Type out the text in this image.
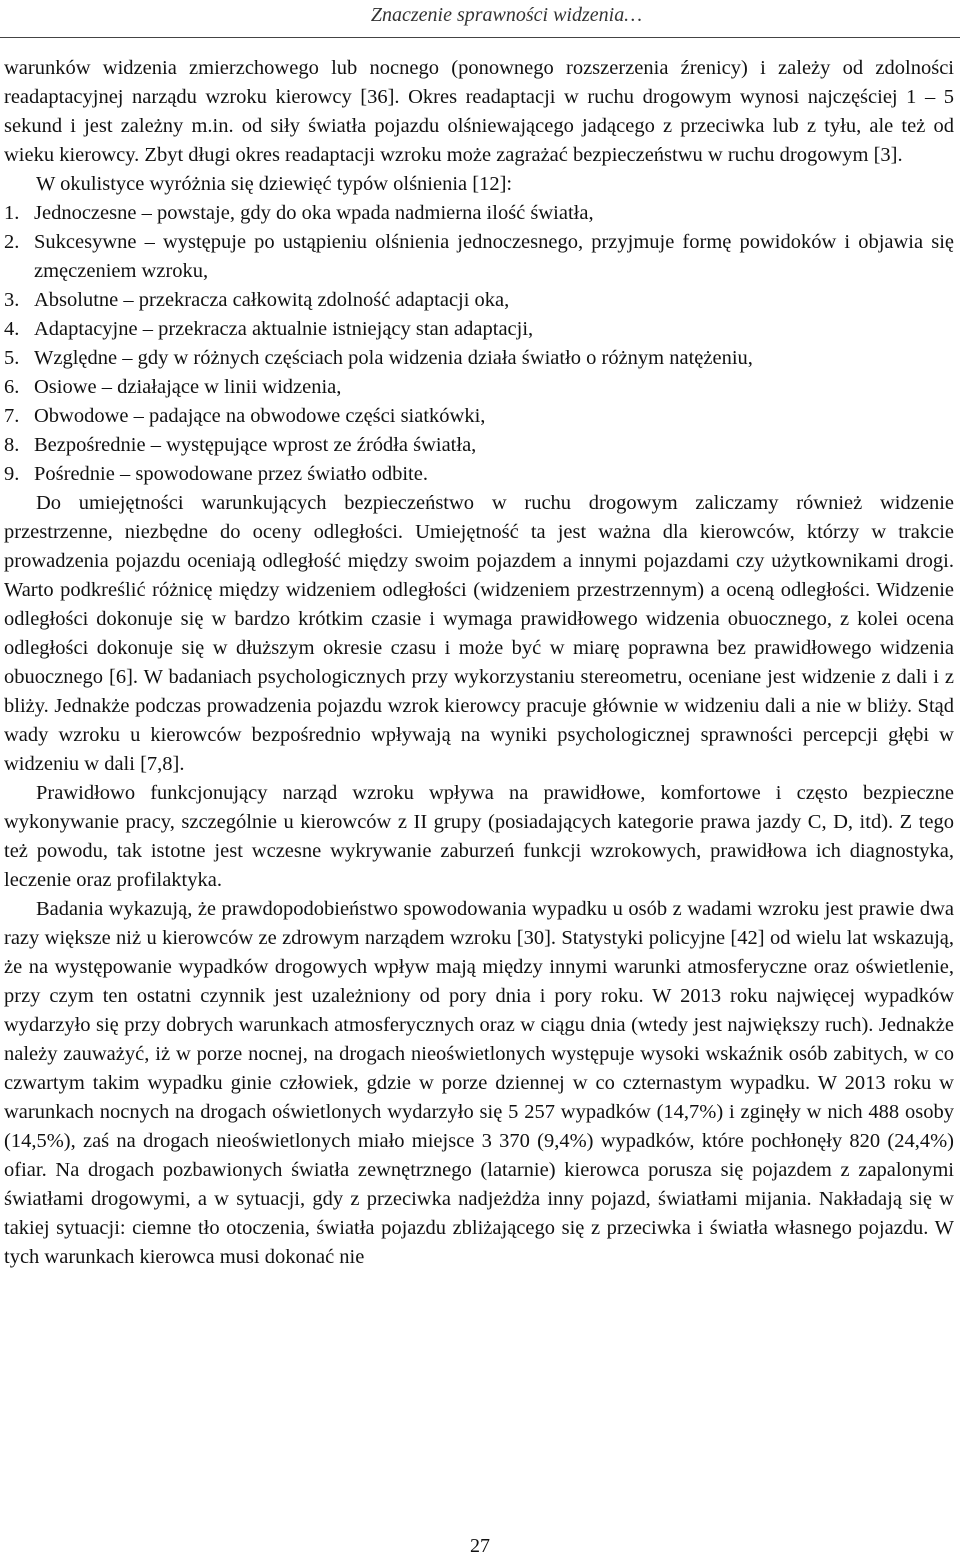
Znaczenie sprawności widzenia…

warunków widzenia zmierzchowego lub nocnego (ponownego rozszerzenia źrenicy) i zależy od zdolności readaptacyjnej narządu wzroku kierowcy [36]. Okres readaptacji w ruchu drogowym wynosi najczęściej 1 – 5 sekund i jest zależny m.in. od siły światła pojazdu olśniewającego jadącego z przeciwka lub z tyłu, ale też od wieku kierowcy. Zbyt długi okres readaptacji wzroku może zagrażać bezpieczeństwu w ruchu drogowym [3].

W okulistyce wyróżnia się dziewięć typów olśnienia [12]:

1. Jednoczesne – powstaje, gdy do oka wpada nadmierna ilość światła,
2. Sukcesywne – występuje po ustąpieniu olśnienia jednoczesnego, przyjmuje formę powidoków i objawia się zmęczeniem wzroku,
3. Absolutne – przekracza całkowitą zdolność adaptacji oka,
4. Adaptacyjne – przekracza aktualnie istniejący stan adaptacji,
5. Względne – gdy w różnych częściach pola widzenia działa światło o różnym natężeniu,
6. Osiowe – działające w linii widzenia,
7. Obwodowe – padające na obwodowe części siatkówki,
8. Bezpośrednie – występujące wprost ze źródła światła,
9. Pośrednie – spowodowane przez światło odbite.

Do umiejętności warunkujących bezpieczeństwo w ruchu drogowym zaliczamy również widzenie przestrzenne, niezbędne do oceny odległości. Umiejętność ta jest ważna dla kierowców, którzy w trakcie prowadzenia pojazdu oceniają odległość między swoim pojazdem a innymi pojazdami czy użytkownikami drogi. Warto podkreślić różnicę między widzeniem odległości (widzeniem przestrzennym) a oceną odległości. Widzenie odległości dokonuje się w bardzo krótkim czasie i wymaga prawidłowego widzenia obuocznego, z kolei ocena odległości dokonuje się w dłuższym okresie czasu i może być w miarę poprawna bez prawidłowego widzenia obuocznego [6]. W badaniach psychologicznych przy wykorzystaniu stereometru, oceniane jest widzenie z dali i z bliży. Jednakże podczas prowadzenia pojazdu wzrok kierowcy pracuje głównie w widzeniu dali a nie w bliży. Stąd wady wzroku u kierowców bezpośrednio wpływają na wyniki psychologicznej sprawności percepcji głębi w widzeniu w dali [7,8].

Prawidłowo funkcjonujący narząd wzroku wpływa na prawidłowe, komfortowe i często bezpieczne wykonywanie pracy, szczególnie u kierowców z II grupy (posiadających kategorie prawa jazdy C, D, itd). Z tego też powodu, tak istotne jest wczesne wykrywanie zaburzeń funkcji wzrokowych, prawidłowa ich diagnostyka, leczenie oraz profilaktyka.

Badania wykazują, że prawdopodobieństwo spowodowania wypadku u osób z wadami wzroku jest prawie dwa razy większe niż u kierowców ze zdrowym narządem wzroku [30]. Statystyki policyjne [42] od wielu lat wskazują, że na występowanie wypadków drogowych wpływ mają między innymi warunki atmosferyczne oraz oświetlenie, przy czym ten ostatni czynnik jest uzależniony od pory dnia i pory roku. W 2013 roku najwięcej wypadków wydarzyło się przy dobrych warunkach atmosferycznych oraz w ciągu dnia (wtedy jest największy ruch). Jednakże należy zauważyć, iż w porze nocnej, na drogach nieoświetlonych występuje wysoki wskaźnik osób zabitych, w co czwartym takim wypadku ginie człowiek, gdzie w porze dziennej w co czternastym wypadku. W 2013 roku w warunkach nocnych na drogach oświetlonych wydarzyło się 5 257 wypadków (14,7%) i zginęły w nich 488 osoby (14,5%), zaś na drogach nieoświetlonych miało miejsce 3 370 (9,4%) wypadków, które pochłonęły 820 (24,4%) ofiar. Na drogach pozbawionych światła zewnętrznego (latarnie) kierowca porusza się pojazdem z zapalonymi światłami drogowymi, a w sytuacji, gdy z przeciwka nadjeżdża inny pojazd, światłami mijania. Nakładają się w takiej sytuacji: ciemne tło otoczenia, światła pojazdu zbliżającego się z przeciwka i światła własnego pojazdu. W tych warunkach kierowca musi dokonać nie

27
